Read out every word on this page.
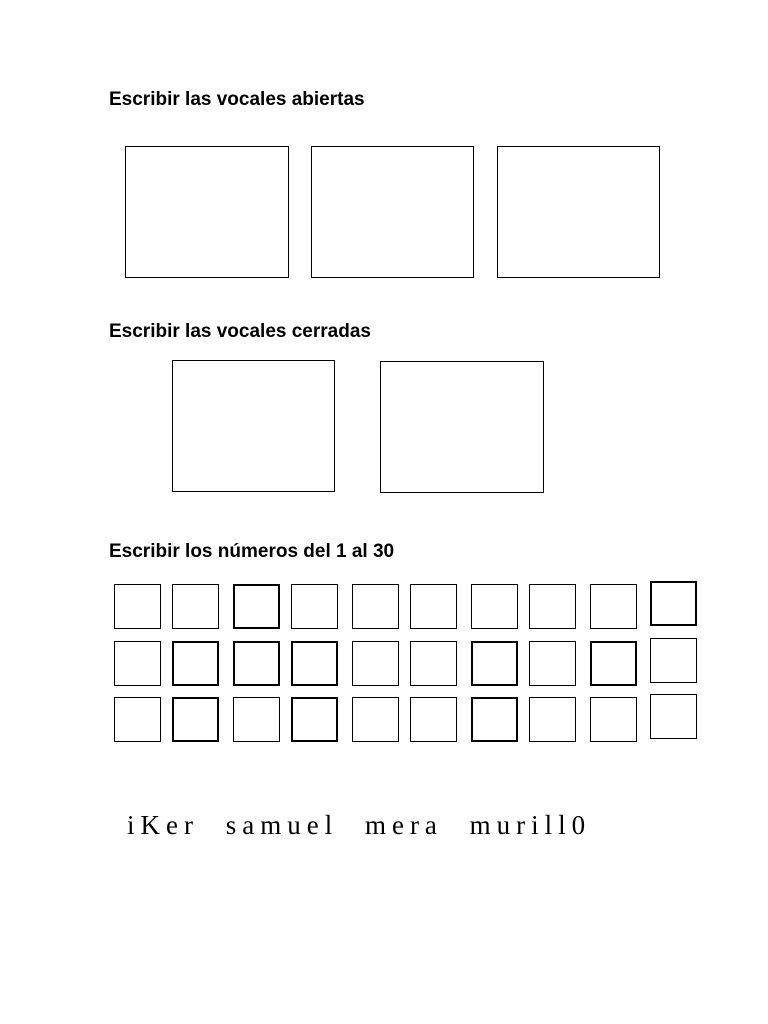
Escribir las vocales abiertas
Escribir las vocales cerradas
Escribir los números del 1 al 30

iKer samuel mera murill0
